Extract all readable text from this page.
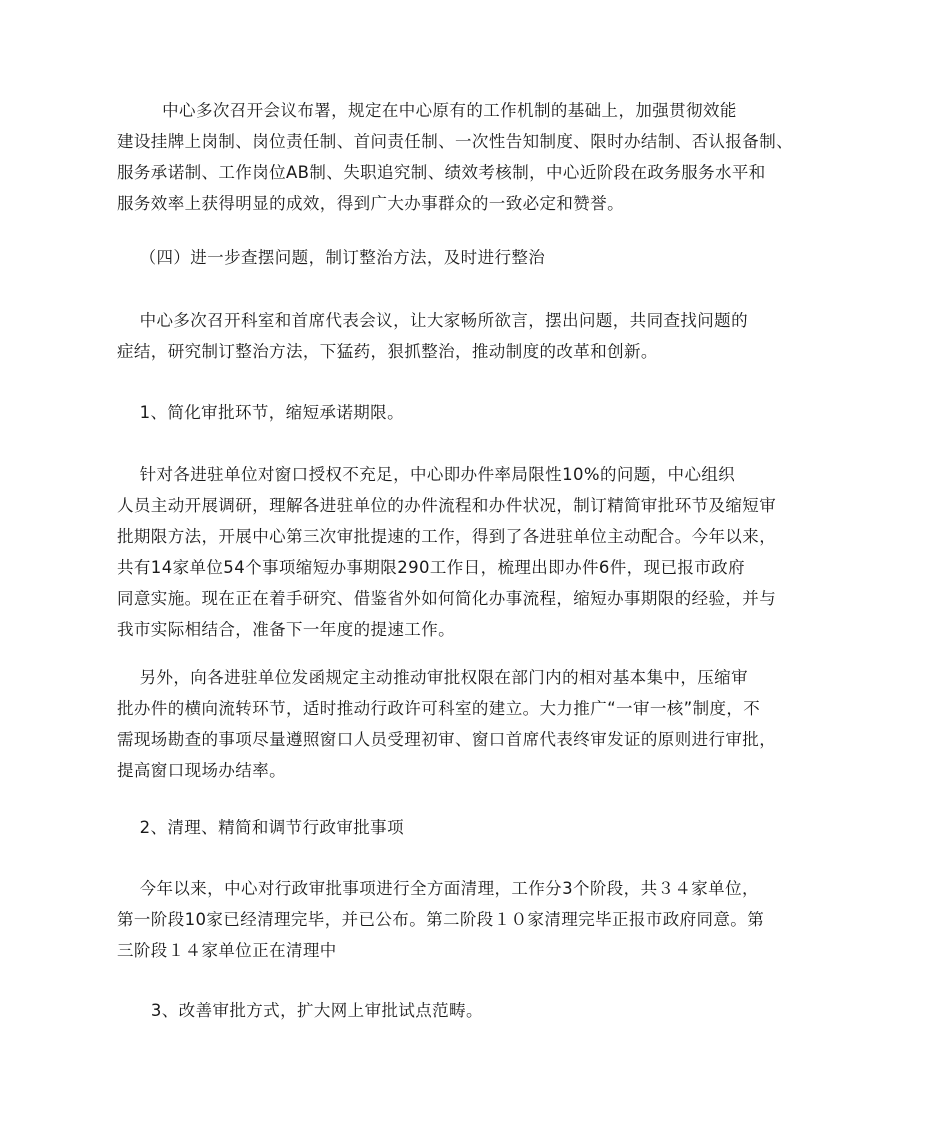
中心多次召开会议布署，规定在中心原有的工作机制的基础上，加强贯彻效能
建设挂牌上岗制、岗位责任制、首问责任制、一次性告知制度、限时办结制、否认报备制、
服务承诺制、工作岗位AB制、失职追究制、绩效考核制，中心近阶段在政务服务水平和
服务效率上获得明显的成效，得到广大办事群众的一致必定和赞誉。

（四）进一步查摆问题，制订整治方法，及时进行整治

中心多次召开科室和首席代表会议，让大家畅所欲言，摆出问题，共同查找问题的
症结，研究制订整治方法，下猛药，狠抓整治，推动制度的改革和创新。

1、简化审批环节，缩短承诺期限。

针对各进驻单位对窗口授权不充足，中心即办件率局限性10%的问题，中心组织
人员主动开展调研，理解各进驻单位的办件流程和办件状况，制订精简审批环节及缩短审
批期限方法，开展中心第三次审批提速的工作，得到了各进驻单位主动配合。今年以来，
共有14家单位54个事项缩短办事期限290工作日，梳理出即办件6件，现已报市政府
同意实施。现在正在着手研究、借鉴省外如何简化办事流程，缩短办事期限的经验，并与
我市实际相结合，准备下一年度的提速工作。

另外，向各进驻单位发函规定主动推动审批权限在部门内的相对基本集中，压缩审
批办件的横向流转环节，适时推动行政许可科室的建立。大力推广“一审一核”制度，不
需现场勘查的事项尽量遵照窗口人员受理初审、窗口首席代表终审发证的原则进行审批，
提高窗口现场办结率。

2、清理、精简和调节行政审批事项

今年以来，中心对行政审批事项进行全方面清理，工作分3个阶段，共３４家单位，
第一阶段10家已经清理完毕，并已公布。第二阶段１０家清理完毕正报市政府同意。第
三阶段１４家单位正在清理中

3、改善审批方式，扩大网上审批试点范畴。
